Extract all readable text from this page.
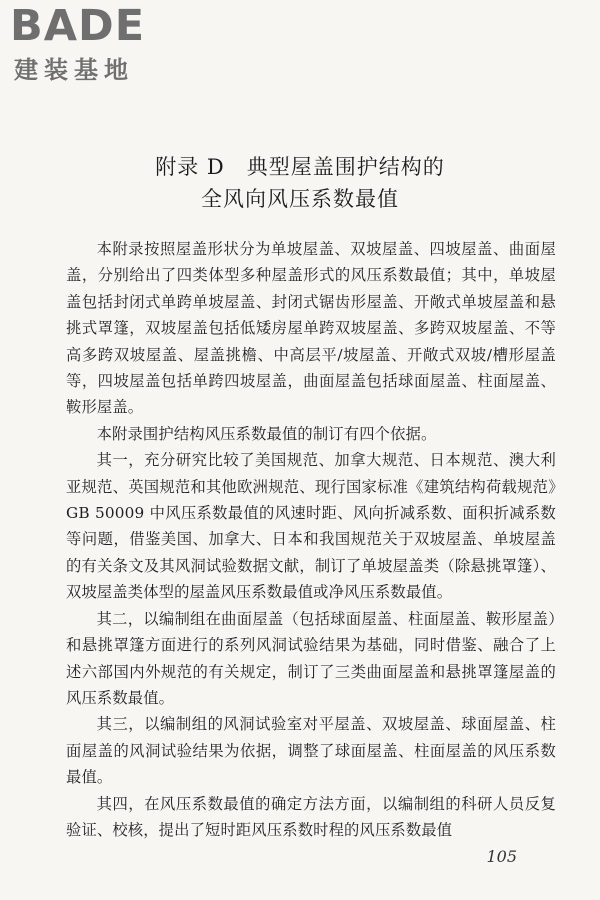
BADE
建装基地
附录 D　典型屋盖围护结构的
全风向风压系数最值

本附录按照屋盖形状分为单坡屋盖、双坡屋盖、四坡屋盖、曲面屋盖，分别给出了四类体型多种屋盖形式的风压系数最值；其中，单坡屋盖包括封闭式单跨单坡屋盖、封闭式锯齿形屋盖、开敞式单坡屋盖和悬挑式罩篷，双坡屋盖包括低矮房屋单跨双坡屋盖、多跨双坡屋盖、不等高多跨双坡屋盖、屋盖挑檐、中高层平/坡屋盖、开敞式双坡/槽形屋盖等，四坡屋盖包括单跨四坡屋盖，曲面屋盖包括球面屋盖、柱面屋盖、鞍形屋盖。

本附录围护结构风压系数最值的制订有四个依据。

其一，充分研究比较了美国规范、加拿大规范、日本规范、澳大利亚规范、英国规范和其他欧洲规范、现行国家标准《建筑结构荷载规范》GB 50009 中风压系数最值的风速时距、风向折减系数、面积折减系数等问题，借鉴美国、加拿大、日本和我国规范关于双坡屋盖、单坡屋盖的有关条文及其风洞试验数据文献，制订了单坡屋盖类（除悬挑罩篷）、双坡屋盖类体型的屋盖风压系数最值或净风压系数最值。

其二，以编制组在曲面屋盖（包括球面屋盖、柱面屋盖、鞍形屋盖）和悬挑罩篷方面进行的系列风洞试验结果为基础，同时借鉴、融合了上述六部国内外规范的有关规定，制订了三类曲面屋盖和悬挑罩篷屋盖的风压系数最值。

其三，以编制组的风洞试验室对平屋盖、双坡屋盖、球面屋盖、柱面屋盖的风洞试验结果为依据，调整了球面屋盖、柱面屋盖的风压系数最值。

其四，在风压系数最值的确定方法方面，以编制组的科研人员反复验证、校核，提出了短时距风压系数时程的风压系数最值

105
